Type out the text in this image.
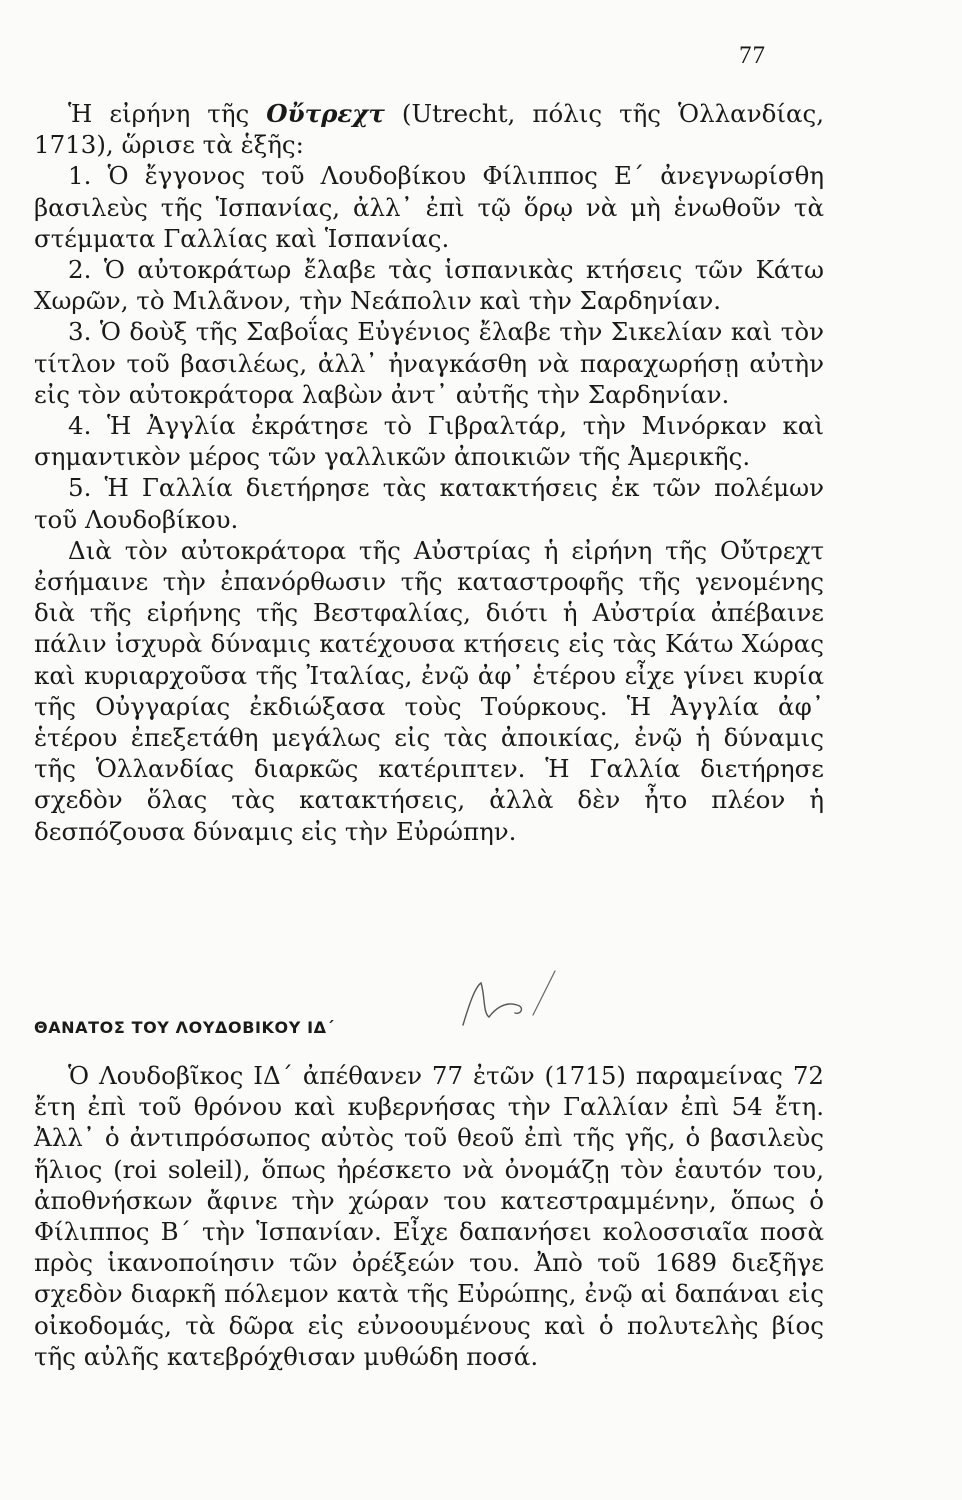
77

Ἡ εἰρήνη τῆς Οὔτρεχτ (Utrecht, πόλις τῆς Ὁλλανδίας, 1713), ὥρισε τὰ ἑξῆς:

1. Ὁ ἔγγονος τοῦ Λουδοβίκου Φίλιππος Ε΄ ἀνεγνωρίσθη βασιλεὺς τῆς Ἱσπανίας, ἀλλ᾽ ἐπὶ τῷ ὅρῳ νὰ μὴ ἑνωθοῦν τὰ στέμματα Γαλλίας καὶ Ἱσπανίας.

2. Ὁ αὐτοκράτωρ ἔλαβε τὰς ἱσπανικὰς κτήσεις τῶν Κάτω Χωρῶν, τὸ Μιλᾶνον, τὴν Νεάπολιν καὶ τὴν Σαρδηνίαν.

3. Ὁ δοὺξ τῆς Σαβοΐας Εὐγένιος ἔλαβε τὴν Σικελίαν καὶ τὸν τίτλον τοῦ βασιλέως, ἀλλ᾽ ἠναγκάσθη νὰ παραχωρήσῃ αὐτὴν εἰς τὸν αὐτοκράτορα λαβὼν ἀντ᾽ αὐτῆς τὴν Σαρδηνίαν.

4. Ἡ Ἀγγλία ἐκράτησε τὸ Γιβραλτάρ, τὴν Μινόρκαν καὶ σημαντικὸν μέρος τῶν γαλλικῶν ἀποικιῶν τῆς Ἀμερικῆς.

5. Ἡ Γαλλία διετήρησε τὰς κατακτήσεις ἐκ τῶν πολέμων τοῦ Λουδοβίκου.

Διὰ τὸν αὐτοκράτορα τῆς Αὐστρίας ἡ εἰρήνη τῆς Οὔτρεχτ ἐσήμαινε τὴν ἐπανόρθωσιν τῆς καταστροφῆς τῆς γενομένης διὰ τῆς εἰρήνης τῆς Βεστφαλίας, διότι ἡ Αὐστρία ἀπέβαινε πάλιν ἰσχυρὰ δύναμις κατέχουσα κτήσεις εἰς τὰς Κάτω Χώρας καὶ κυριαρχοῦσα τῆς Ἰταλίας, ἐνῷ ἀφ᾽ ἑτέρου εἶχε γίνει κυρία τῆς Οὐγγαρίας ἐκδιώξασα τοὺς Τούρκους. Ἡ Ἀγγλία ἀφ᾽ ἑτέρου ἐπεξετάθη μεγάλως εἰς τὰς ἀποικίας, ἐνῷ ἡ δύναμις τῆς Ὁλλανδίας διαρκῶς κατέριπτεν. Ἡ Γαλλία διετήρησε σχεδὸν ὅλας τὰς κατακτήσεις, ἀλλὰ δὲν ἦτο πλέον ἡ δεσπόζουσα δύναμις εἰς τὴν Εὐρώπην.

ΘΑΝΑΤΟΣ ΤΟΥ ΛΟΥΔΟΒΙΚΟΥ ΙΔ΄

Ὁ Λουδοβῖκος ΙΔ΄ ἀπέθανεν 77 ἐτῶν (1715) παραμείνας 72 ἔτη ἐπὶ τοῦ θρόνου καὶ κυβερνήσας τὴν Γαλλίαν ἐπὶ 54 ἔτη. Ἀλλ᾽ ὁ ἀντιπρόσωπος αὐτὸς τοῦ θεοῦ ἐπὶ τῆς γῆς, ὁ βασιλεὺς ἥλιος (roi soleil), ὅπως ἠρέσκετο νὰ ὀνομάζῃ τὸν ἑαυτόν του, ἀποθνήσκων ἄφινε τὴν χώραν του κατεστραμμένην, ὅπως ὁ Φίλιππος Β΄ τὴν Ἱσπανίαν. Εἶχε δαπανήσει κολοσσιαῖα ποσὰ πρὸς ἱκανοποίησιν τῶν ὀρέξεών του. Ἀπὸ τοῦ 1689 διεξῆγε σχεδὸν διαρκῆ πόλεμον κατὰ τῆς Εὐρώπης, ἐνῷ αἱ δαπάναι εἰς οἰκοδομάς, τὰ δῶρα εἰς εὐνοουμένους καὶ ὁ πολυτελὴς βίος τῆς αὐλῆς κατεβρόχθισαν μυθώδη ποσά.
